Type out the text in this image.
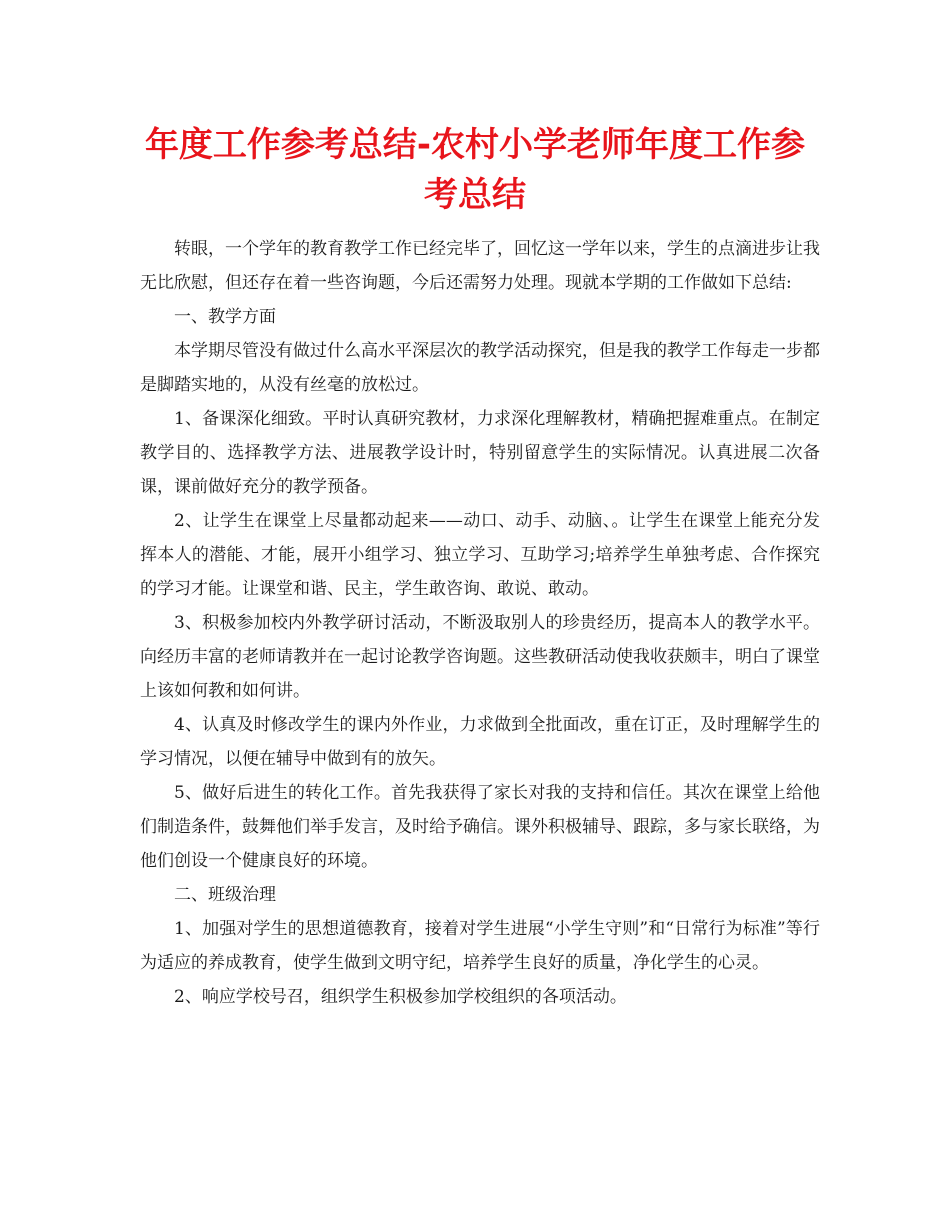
年度工作参考总结-农村小学老师年度工作参考总结

转眼，一个学年的教育教学工作已经完毕了，回忆这一学年以来，学生的点滴进步让我无比欣慰，但还存在着一些咨询题，今后还需努力处理。现就本学期的工作做如下总结:

一、教学方面

本学期尽管没有做过什么高水平深层次的教学活动探究，但是我的教学工作每走一步都是脚踏实地的，从没有丝毫的放松过。

1、备课深化细致。平时认真研究教材，力求深化理解教材，精确把握难重点。在制定教学目的、选择教学方法、进展教学设计时，特别留意学生的实际情况。认真进展二次备课，课前做好充分的教学预备。

2、让学生在课堂上尽量都动起来——动口、动手、动脑、。让学生在课堂上能充分发挥本人的潜能、才能，展开小组学习、独立学习、互助学习;培养学生单独考虑、合作探究的学习才能。让课堂和谐、民主，学生敢咨询、敢说、敢动。

3、积极参加校内外教学研讨活动，不断汲取别人的珍贵经历，提高本人的教学水平。向经历丰富的老师请教并在一起讨论教学咨询题。这些教研活动使我收获颇丰，明白了课堂上该如何教和如何讲。

4、认真及时修改学生的课内外作业，力求做到全批面改，重在订正，及时理解学生的学习情况，以便在辅导中做到有的放矢。

5、做好后进生的转化工作。首先我获得了家长对我的支持和信任。其次在课堂上给他们制造条件，鼓舞他们举手发言，及时给予确信。课外积极辅导、跟踪，多与家长联络，为他们创设一个健康良好的环境。

二、班级治理

1、加强对学生的思想道德教育，接着对学生进展“小学生守则”和“日常行为标准”等行为适应的养成教育，使学生做到文明守纪，培养学生良好的质量，净化学生的心灵。

2、响应学校号召，组织学生积极参加学校组织的各项活动。
